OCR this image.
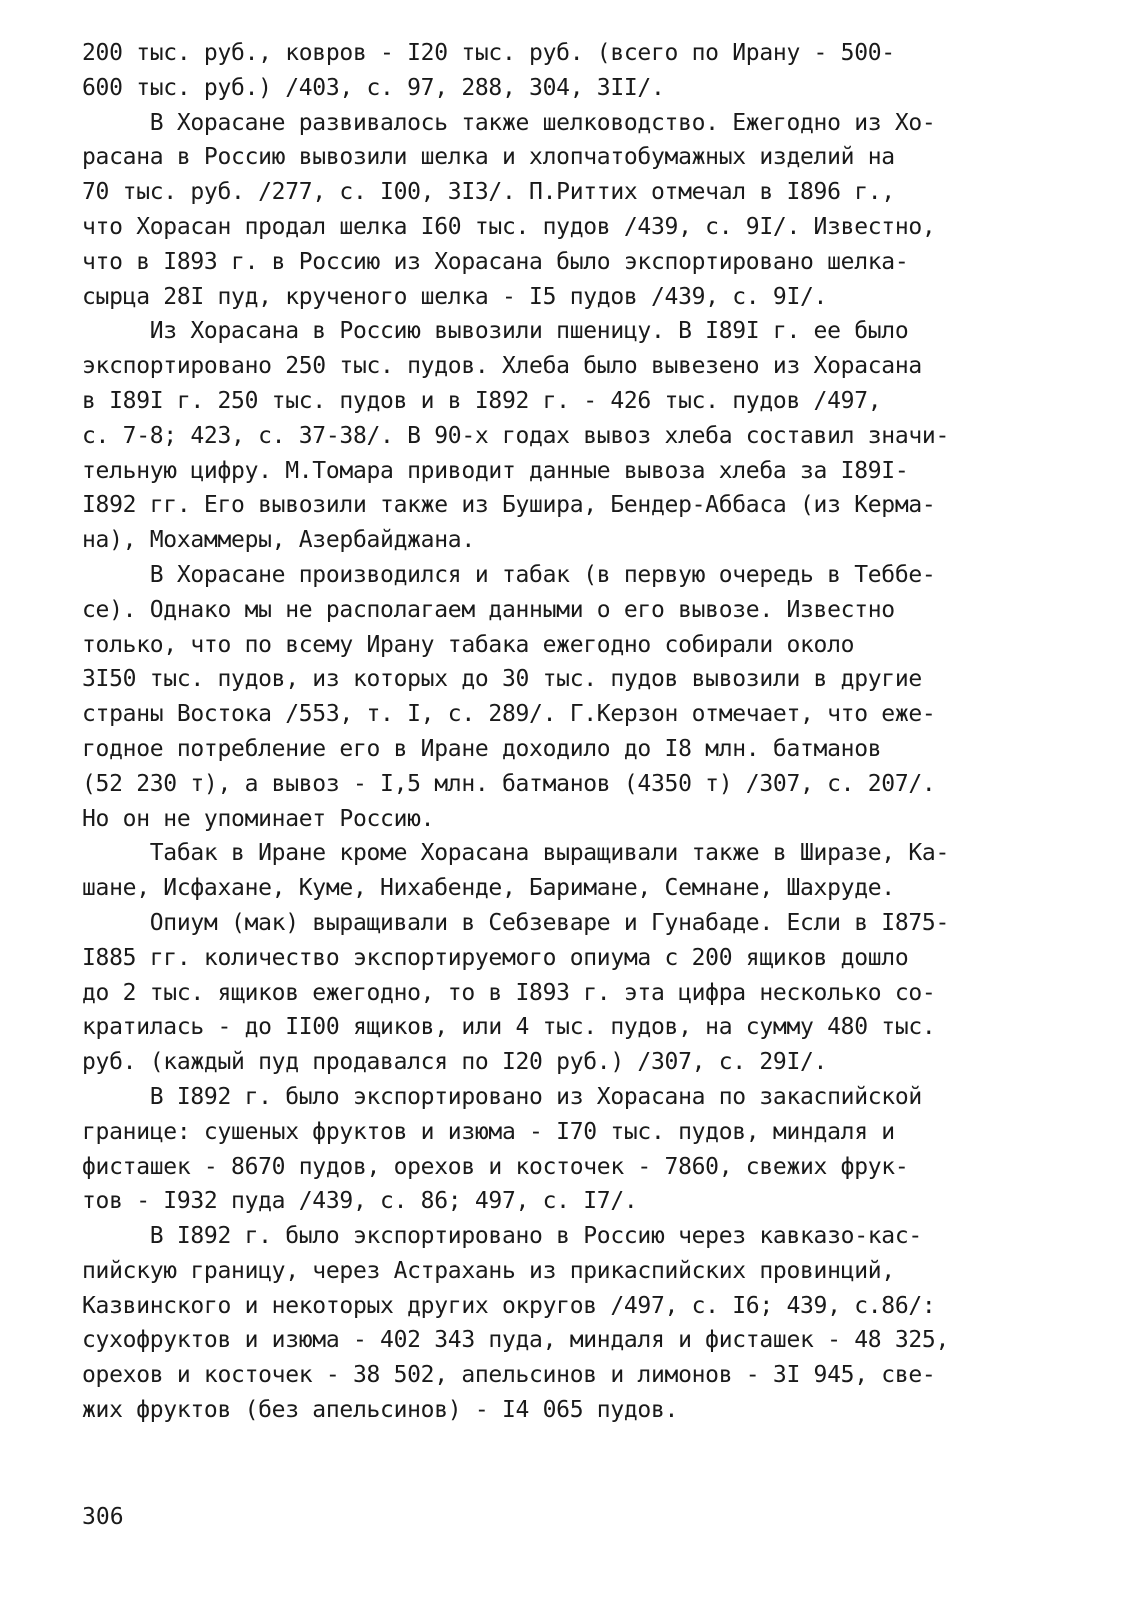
200 тыс. руб., ковров - I20 тыс. руб. (всего по Ирану - 500-
600 тыс. руб.) /403, с. 97, 288, 304, 3II/.
В Хорасане развивалось также шелководство. Ежегодно из Хо-
расана в Россию вывозили шелка и хлопчатобумажных изделий на
70 тыс. руб. /277, с. I00, 3I3/. П.Риттих отмечал в I896 г.,
что Хорасан продал шелка I60 тыс. пудов /439, с. 9I/. Известно,
что в I893 г. в Россию из Хорасана было экспортировано шелка-
сырца 28I пуд, крученого шелка - I5 пудов /439, с. 9I/.
Из Хорасана в Россию вывозили пшеницу. В I89I г. ее было
экспортировано 250 тыс. пудов. Хлеба было вывезено из Хорасана
в I89I г. 250 тыс. пудов и в I892 г. - 426 тыс. пудов /497,
с. 7-8; 423, с. 37-38/. В 90-х годах вывоз хлеба составил значи-
тельную цифру. М.Томара приводит данные вывоза хлеба за I89I-
I892 гг. Его вывозили также из Бушира, Бендер-Аббаса (из Керма-
на), Мохаммеры, Азербайджана.
В Хорасане производился и табак (в первую очередь в Теббе-
се). Однако мы не располагаем данными о его вывозе. Известно
только, что по всему Ирану табака ежегодно собирали около
3I50 тыс. пудов, из которых до 30 тыс. пудов вывозили в другие
страны Востока /553, т. I, с. 289/. Г.Керзон отмечает, что еже-
годное потребление его в Иране доходило до I8 млн. батманов
(52 230 т), а вывоз - I,5 млн. батманов (4350 т) /307, с. 207/.
Но он не упоминает Россию.
Табак в Иране кроме Хорасана выращивали также в Ширазе, Ка-
шане, Исфахане, Куме, Нихабенде, Баримане, Семнане, Шахруде.
Опиум (мак) выращивали в Себзеваре и Гунабаде. Если в I875-
I885 гг. количество экспортируемого опиума с 200 ящиков дошло
до 2 тыс. ящиков ежегодно, то в I893 г. эта цифра несколько со-
кратилась - до II00 ящиков, или 4 тыс. пудов, на сумму 480 тыс.
руб. (каждый пуд продавался по I20 руб.) /307, с. 29I/.
В I892 г. было экспортировано из Хорасана по закаспийской
границе: сушеных фруктов и изюма - I70 тыс. пудов, миндаля и
фисташек - 8670 пудов, орехов и косточек - 7860, свежих фрук-
тов - I932 пуда /439, с. 86; 497, с. I7/.
В I892 г. было экспортировано в Россию через кавказо-кас-
пийскую границу, через Астрахань из прикаспийских провинций,
Казвинского и некоторых других округов /497, с. I6; 439, с.86/:
сухофруктов и изюма - 402 343 пуда, миндаля и фисташек - 48 325,
орехов и косточек - 38 502, апельсинов и лимонов - 3I 945, све-
жих фруктов (без апельсинов) - I4 065 пудов.
306
